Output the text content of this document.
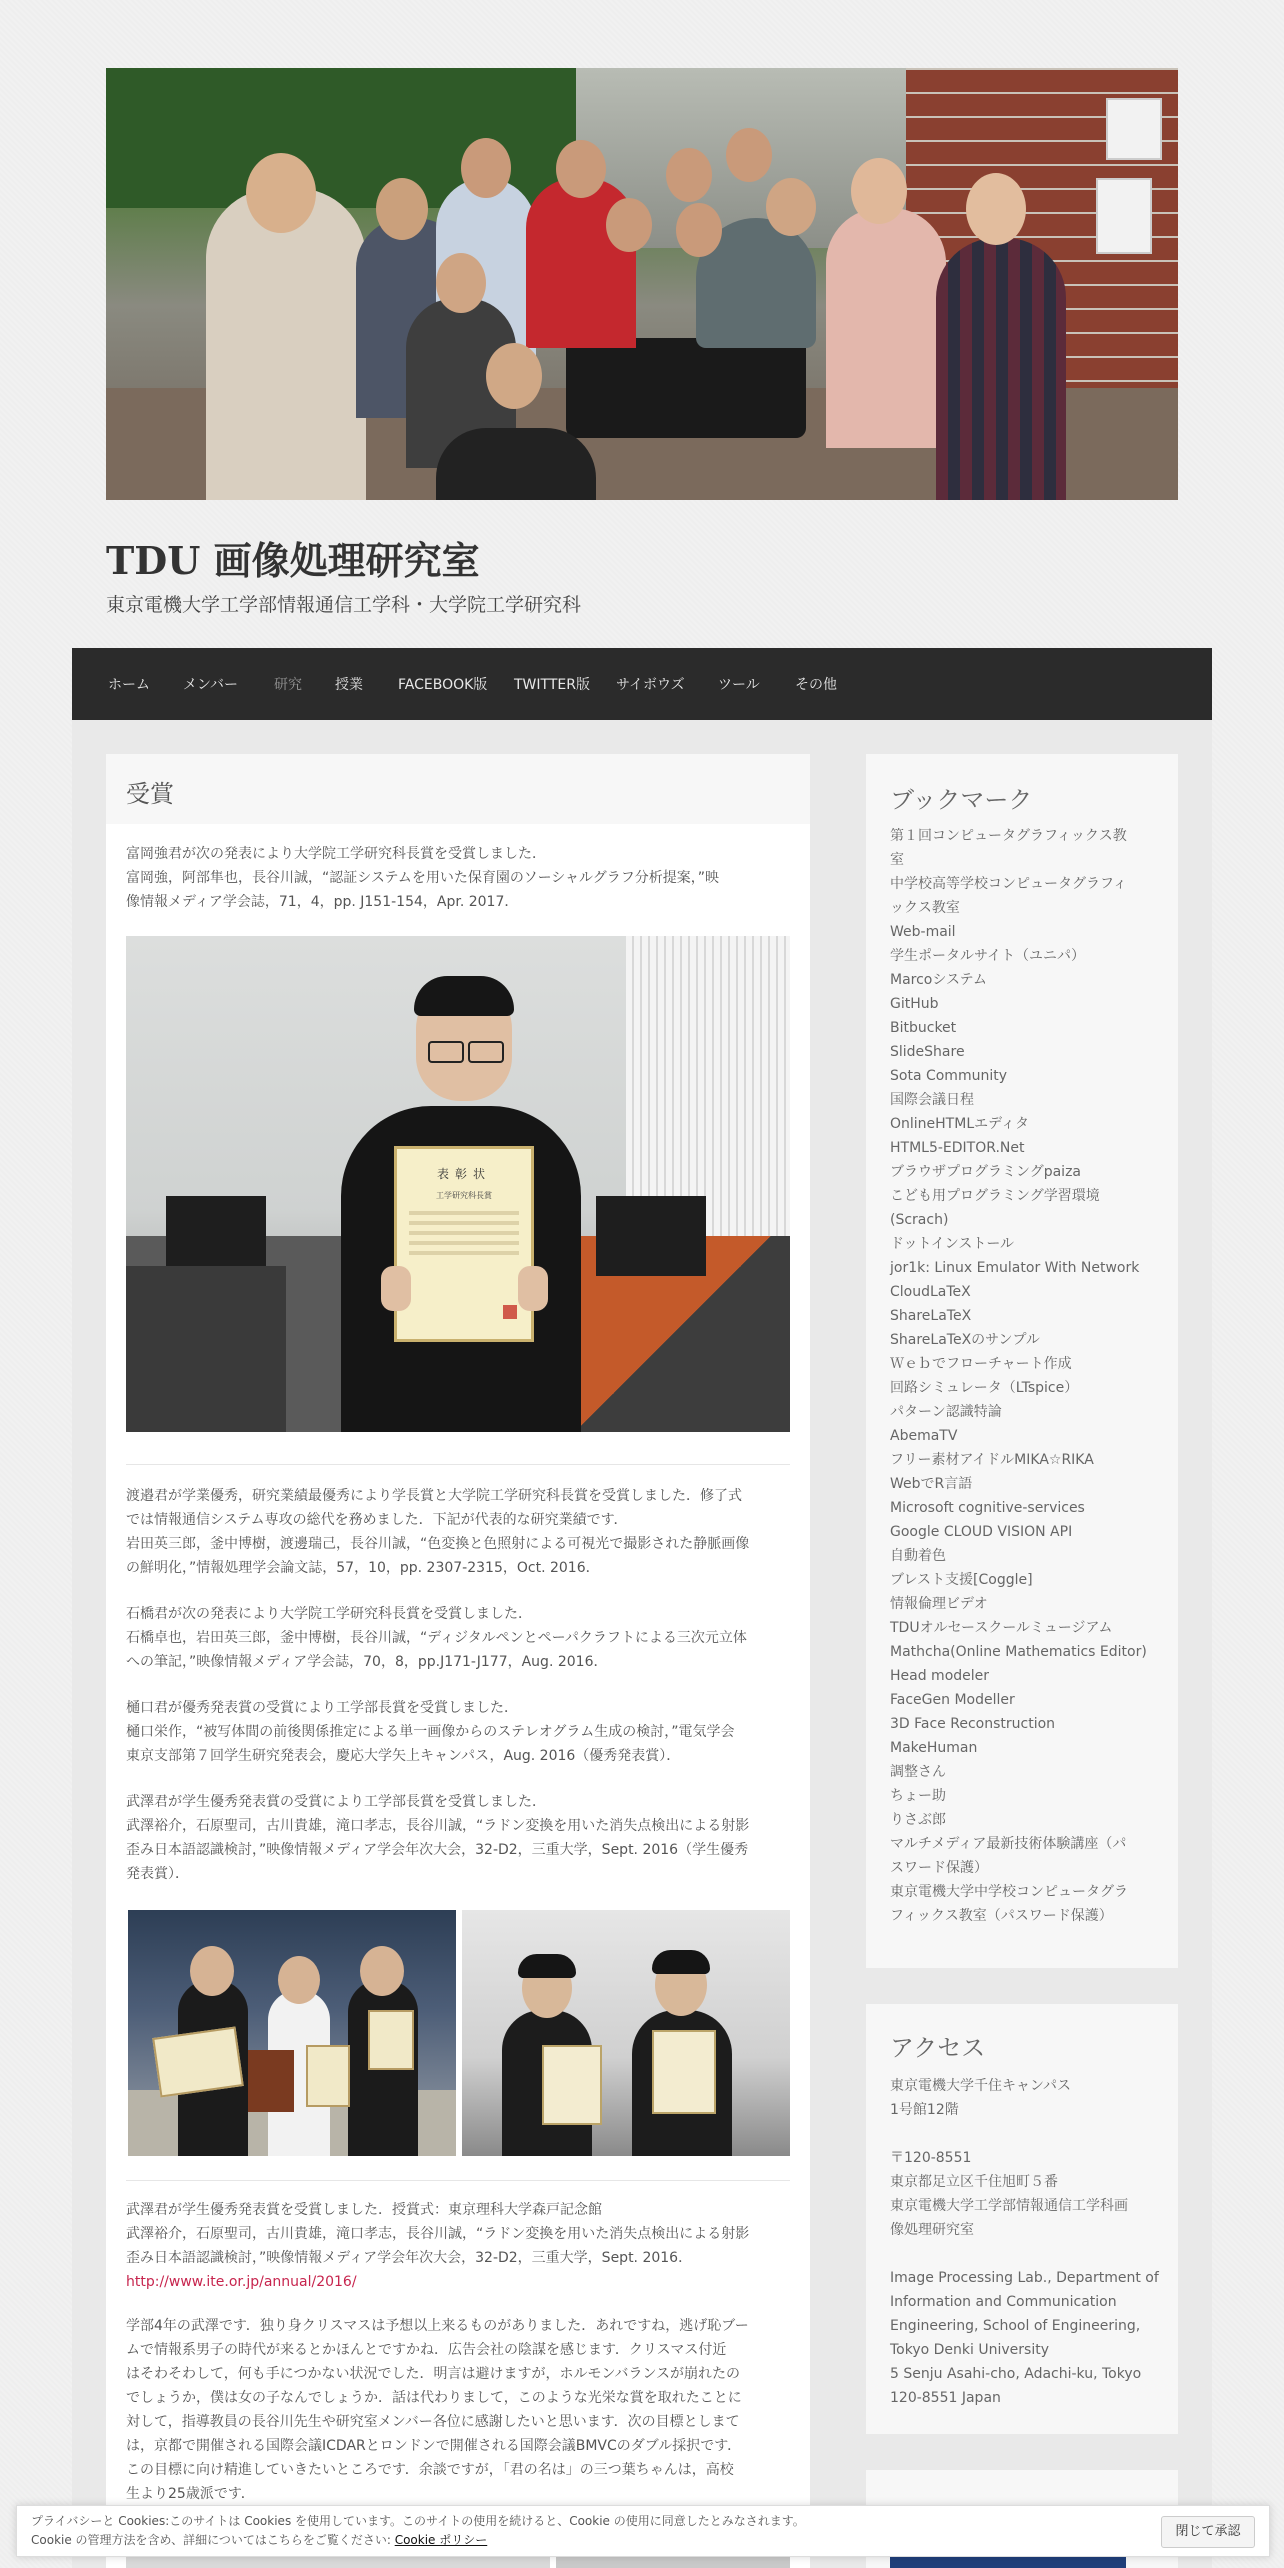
TDU 画像処理研究室

東京電機大学工学部情報通信工学科・大学院工学研究科

ホーム メンバー	研究 授業	FACEBOOK版 TWITTER版 サイボウズ ツール	その他
受賞

富岡強君が次の発表により大学院工学研究科長賞を受賞しました．
富岡強，阿部隼也，長谷川誠，“認証システムを用いた保育園のソーシャルグラフ分析提案，”映
像情報メディア学会誌，71，4，pp. J151-154，Apr. 2017．

表彰状
工学研究科長賞

渡邉君が学業優秀，研究業績最優秀により学長賞と大学院工学研究科長賞を受賞しました．修了式
では情報通信システム専攻の総代を務めました．下記が代表的な研究業績です．
岩田英三郎，釜中博樹，渡邊瑞己，長谷川誠，“色変換と色照射による可視光で撮影された静脈画像
の鮮明化，”情報処理学会論文誌，57，10，pp. 2307-2315，Oct. 2016．

石橋君が次の発表により大学院工学研究科長賞を受賞しました．
石橋卓也，岩田英三郎，釜中博樹，長谷川誠，“ディジタルペンとペーパクラフトによる三次元立体
への筆記，”映像情報メディア学会誌，70，8，pp.J171-J177，Aug. 2016．

樋口君が優秀発表賞の受賞により工学部長賞を受賞しました．
樋口栄作，“被写体間の前後関係推定による単一画像からのステレオグラム生成の検討，”電気学会
東京支部第７回学生研究発表会，慶応大学矢上キャンパス，Aug. 2016（優秀発表賞）．

武澤君が学生優秀発表賞の受賞により工学部長賞を受賞しました．
武澤裕介，石原聖司，古川貴雄，滝口孝志，長谷川誠，“ラドン変換を用いた消失点検出による射影
歪み日本語認識検討，”映像情報メディア学会年次大会，32-D2，三重大学，Sept. 2016（学生優秀
発表賞）．

武澤君が学生優秀発表賞を受賞しました．授賞式：東京理科大学森戸記念館
武澤裕介，石原聖司，古川貴雄，滝口孝志，長谷川誠，“ラドン変換を用いた消失点検出による射影
歪み日本語認識検討，”映像情報メディア学会年次大会，32-D2，三重大学，Sept. 2016．
http://www.ite.or.jp/annual/2016/

学部4年の武澤です．独り身クリスマスは予想以上来るものがありました．あれですね，逃げ恥ブー
ムで情報系男子の時代が来るとかほんとですかね．広告会社の陰謀を感じます．クリスマス付近
はそわそわして，何も手につかない状況でした．明言は避けますが，ホルモンバランスが崩れたの
でしょうか，僕は女の子なんでしょうか．話は代わりまして，このような光栄な賞を取れたことに
対して，指導教員の長谷川先生や研究室メンバー各位に感謝したいと思います．次の目標としまて
は，京都で開催される国際会議ICDARとロンドンで開催される国際会議BMVCのダブル採択です．
この目標に向け精進していきたいところです．余談ですが，「君の名は」の三つ葉ちゃんは，高校
生より25歳派です．

ブックマーク
第１回コンピュータグラフィックス教
室
中学校高等学校コンピュータグラフィ
ックス教室
Web-mail
学生ポータルサイト（ユニパ）
Marcoシステム
GitHub
Bitbucket
SlideShare
Sota Community
国際会議日程
OnlineHTMLエディタ
HTML5-EDITOR.Net
ブラウザプログラミングpaiza
こども用プログラミング学習環境
(Scrach)
ドットインストール
jor1k: Linux Emulator With Network
CloudLaTeX
ShareLaTeX
ShareLaTeXのサンプル
Ｗｅｂでフローチャート作成
回路シミュレータ（LTspice）
パターン認識特論
AbemaTV
フリー素材アイドルMIKA☆RIKA
WebでR言語
Microsoft cognitive-services
Google CLOUD VISION API
自動着色
ブレスト支援[Coggle]
情報倫理ビデオ
TDUオルセースクールミュージアム
Mathcha(Online Mathematics Editor)
Head modeler
FaceGen Modeller
3D Face Reconstruction
MakeHuman
調整さん
ちょー助
りさぶ郎
マルチメディア最新技術体験講座（パ
スワード保護）
東京電機大学中学校コンピュータグラ
フィックス教室（パスワード保護）
アクセス

東京電機大学千住キャンパス
1号館12階

〒120-8551
東京都足立区千住旭町５番
東京電機大学工学部情報通信工学科画
像処理研究室

Image Processing Lab., Department of
Information and Communication
Engineering, School of Engineering,
Tokyo Denki University
5 Senju Asahi-cho, Adachi-ku, Tokyo
120-8551 Japan

プライバシーと Cookies:このサイトは Cookies を使用しています。このサイトの使用を続けると、Cookie の使用に同意したとみなされます。
Cookie の管理方法を含め、詳細についてはこちらをご覧ください: Cookie ポリシー

閉じて承認
